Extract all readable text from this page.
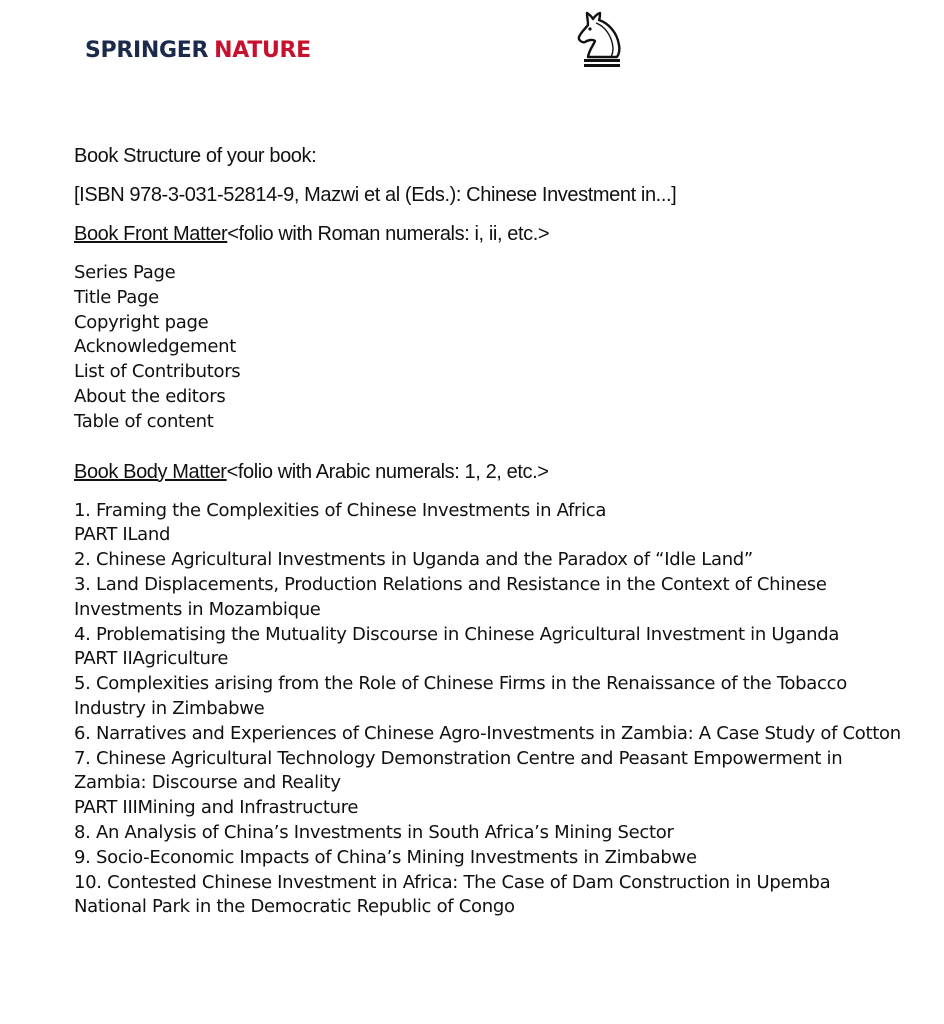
SPRINGER NATURE

Book Structure of your book:

[ISBN 978-3-031-52814-9, Mazwi et al (Eds.): Chinese Investment in...]

Book Front Matter<folio with Roman numerals: i, ii, etc.>

Series Page
Title Page
Copyright page
Acknowledgement
List of Contributors
About the editors
Table of content

Book Body Matter<folio with Arabic numerals: 1, 2, etc.>

1. Framing the Complexities of Chinese Investments in Africa
PART ILand
2. Chinese Agricultural Investments in Uganda and the Paradox of “Idle Land”
3. Land Displacements, Production Relations and Resistance in the Context of Chinese
Investments in Mozambique
4. Problematising the Mutuality Discourse in Chinese Agricultural Investment in Uganda
PART IIAgriculture
5. Complexities arising from the Role of Chinese Firms in the Renaissance of the Tobacco
Industry in Zimbabwe
6. Narratives and Experiences of Chinese Agro-Investments in Zambia: A Case Study of Cotton
7. Chinese Agricultural Technology Demonstration Centre and Peasant Empowerment in
Zambia: Discourse and Reality
PART IIIMining and Infrastructure
8. An Analysis of China’s Investments in South Africa’s Mining Sector
9. Socio-Economic Impacts of China’s Mining Investments in Zimbabwe
10. Contested Chinese Investment in Africa: The Case of Dam Construction in Upemba
National Park in the Democratic Republic of Congo
